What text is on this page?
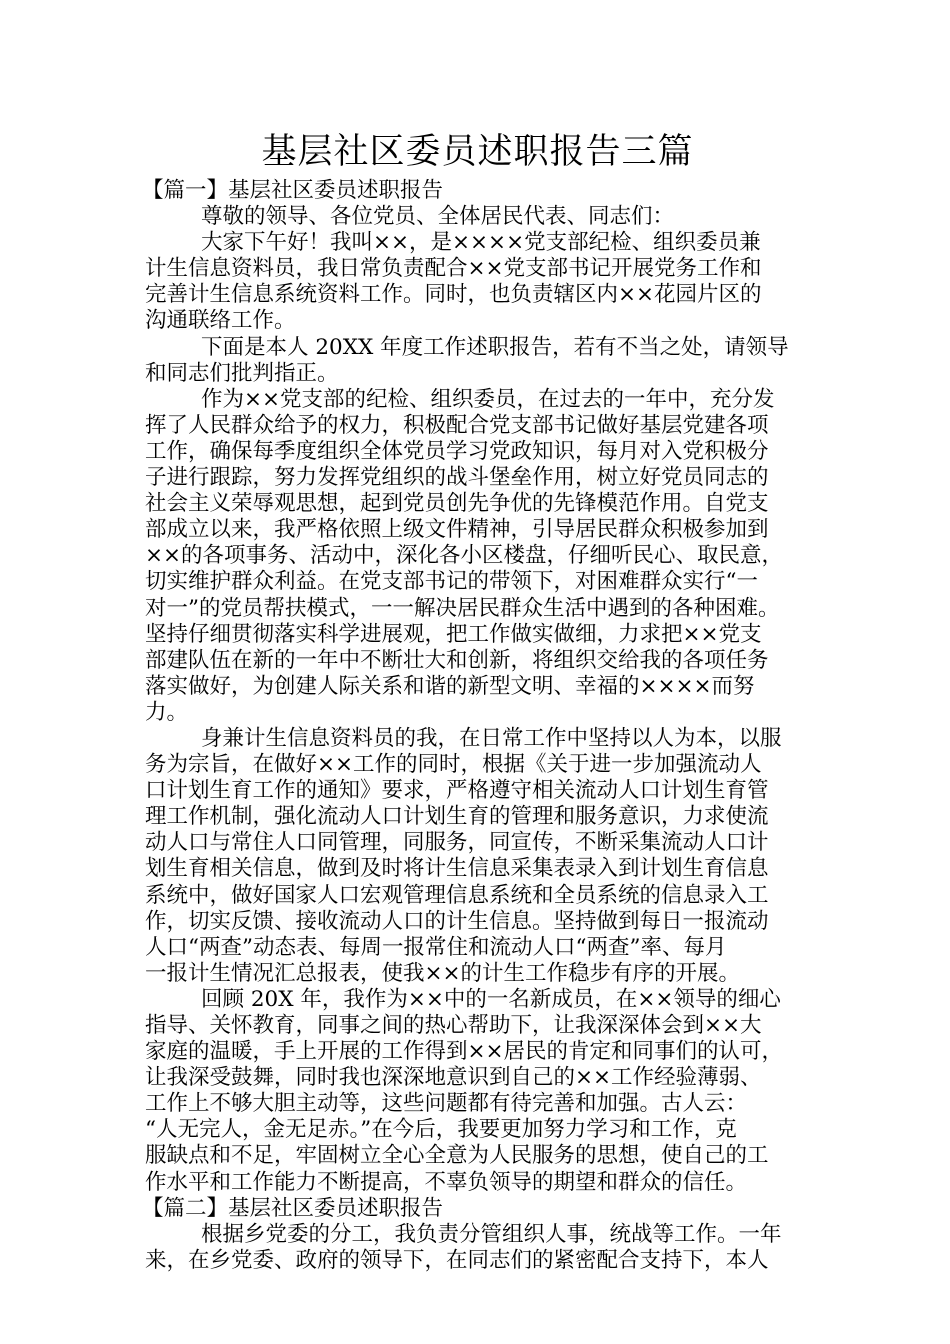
基层社区委员述职报告三篇
【篇一】基层社区委员述职报告
尊敬的领导、各位党员、全体居民代表、同志们：
大家下午好！我叫××，是××××党支部纪检、组织委员兼
计生信息资料员，我日常负责配合××党支部书记开展党务工作和
完善计生信息系统资料工作。同时，也负责辖区内××花园片区的
沟通联络工作。
下面是本人 20XX 年度工作述职报告，若有不当之处，请领导
和同志们批判指正。
作为××党支部的纪检、组织委员，在过去的一年中，充分发
挥了人民群众给予的权力，积极配合党支部书记做好基层党建各项
工作，确保每季度组织全体党员学习党政知识，每月对入党积极分
子进行跟踪，努力发挥党组织的战斗堡垒作用，树立好党员同志的
社会主义荣辱观思想，起到党员创先争优的先锋模范作用。自党支
部成立以来，我严格依照上级文件精神，引导居民群众积极参加到
××的各项事务、活动中，深化各小区楼盘，仔细听民心、取民意，
切实维护群众利益。在党支部书记的带领下，对困难群众实行“一
对一”的党员帮扶模式，一一解决居民群众生活中遇到的各种困难。
坚持仔细贯彻落实科学进展观，把工作做实做细，力求把××党支
部建队伍在新的一年中不断壮大和创新，将组织交给我的各项任务
落实做好，为创建人际关系和谐的新型文明、幸福的××××而努
力。
身兼计生信息资料员的我，在日常工作中坚持以人为本，以服
务为宗旨，在做好××工作的同时，根据《关于进一步加强流动人
口计划生育工作的通知》要求，严格遵守相关流动人口计划生育管
理工作机制，强化流动人口计划生育的管理和服务意识，力求使流
动人口与常住人口同管理，同服务，同宣传，不断采集流动人口计
划生育相关信息，做到及时将计生信息采集表录入到计划生育信息
系统中，做好国家人口宏观管理信息系统和全员系统的信息录入工
作，切实反馈、接收流动人口的计生信息。坚持做到每日一报流动
人口“两查”动态表、每周一报常住和流动人口“两查”率、每月
一报计生情况汇总报表，使我××的计生工作稳步有序的开展。
回顾 20X 年，我作为××中的一名新成员，在××领导的细心
指导、关怀教育，同事之间的热心帮助下，让我深深体会到××大
家庭的温暖，手上开展的工作得到××居民的肯定和同事们的认可，
让我深受鼓舞，同时我也深深地意识到自己的××工作经验薄弱、
工作上不够大胆主动等，这些问题都有待完善和加强。古人云：
“人无完人，金无足赤。”在今后，我要更加努力学习和工作，克
服缺点和不足，牢固树立全心全意为人民服务的思想，使自己的工
作水平和工作能力不断提高，不辜负领导的期望和群众的信任。
【篇二】基层社区委员述职报告
根据乡党委的分工，我负责分管组织人事，统战等工作。一年
来，在乡党委、政府的领导下，在同志们的紧密配合支持下，本人
